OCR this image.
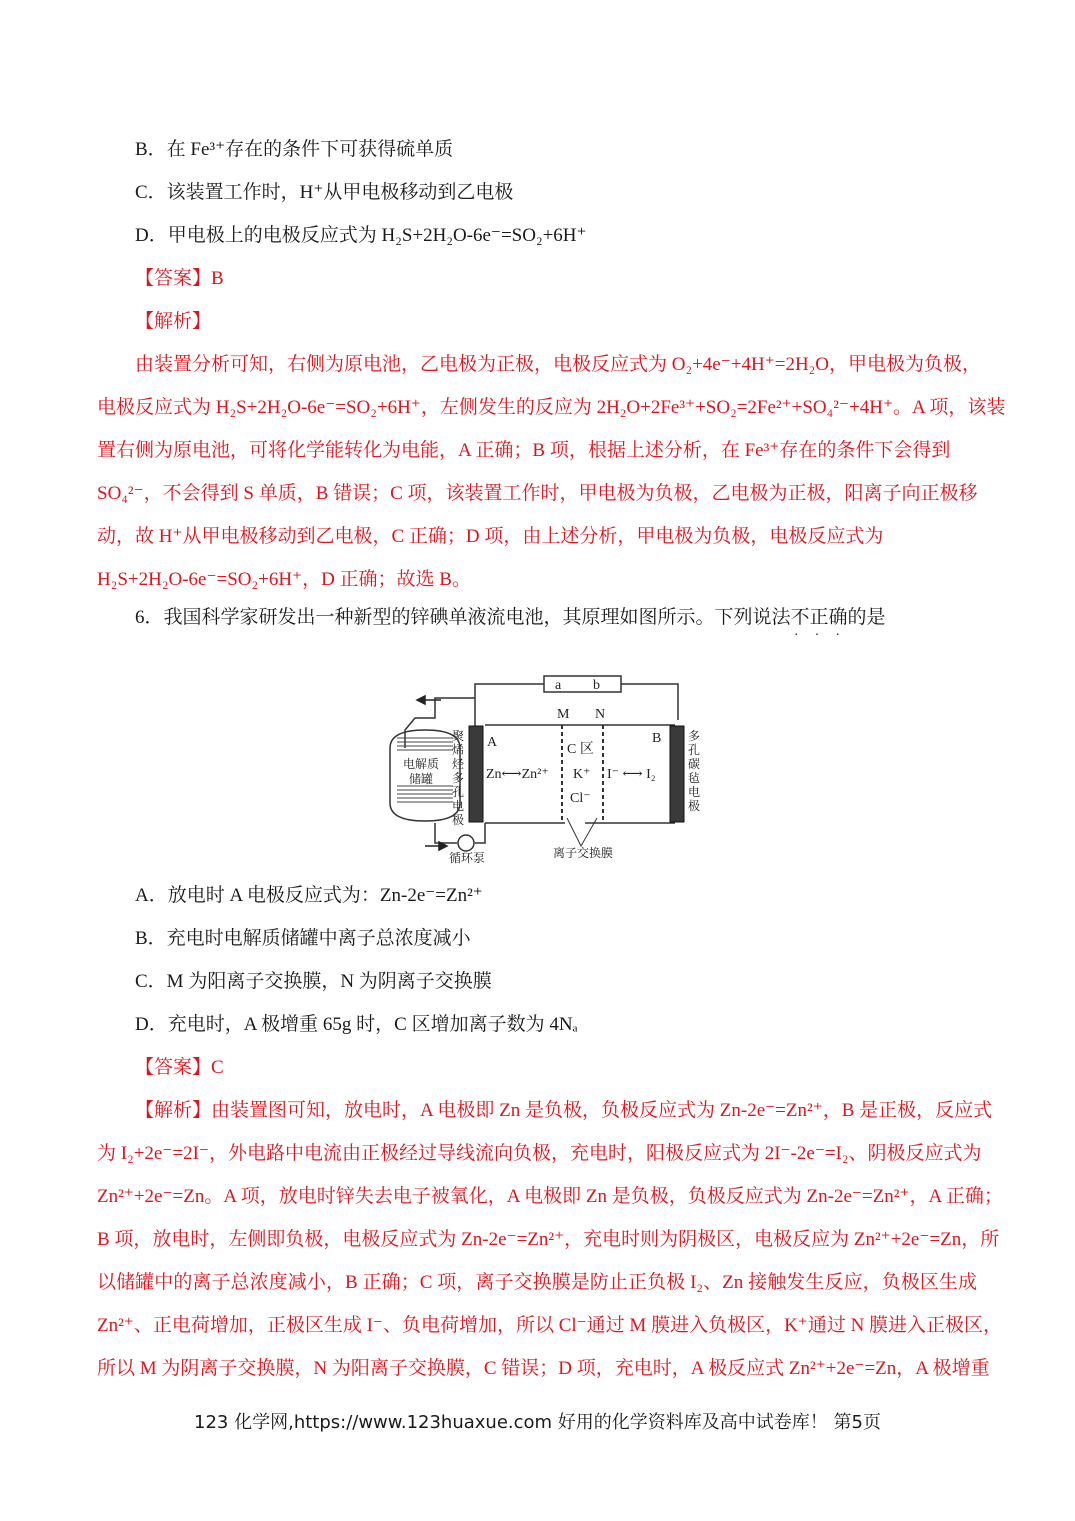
B．在 Fe³⁺存在的条件下可获得硫单质
C．该装置工作时，H⁺从甲电极移动到乙电极
D．甲电极上的电极反应式为 H₂S+2H₂O-6e⁻=SO₂+6H⁺
【答案】B
【解析】
由装置分析可知，右侧为原电池，乙电极为正极，电极反应式为 O₂+4e⁻+4H⁺=2H₂O，甲电极为负极，
电极反应式为 H₂S+2H₂O-6e⁻=SO₂+6H⁺，左侧发生的反应为 2H₂O+2Fe³⁺+SO₂=2Fe²⁺+SO₄²⁻+4H⁺。A 项，该装
置右侧为原电池，可将化学能转化为电能，A 正确；B 项，根据上述分析，在 Fe³⁺存在的条件下会得到
SO₄²⁻，不会得到 S 单质，B 错误；C 项，该装置工作时，甲电极为负极，乙电极为正极，阳离子向正极移
动，故 H⁺从甲电极移动到乙电极，C 正确；D 项，由上述分析，甲电极为负极，电极反应式为
H₂S+2H₂O-6e⁻=SO₂+6H⁺，D 正确；故选 B。
6．我国科学家研发出一种新型的锌碘单液流电池，其原理如图所示。下列说法不正确的是
···
a b
M N
A	B
C 区
K⁺
Cl⁻
Zn⟷Zn²⁺	I⁻ ⟷ I₂
电解质
储罐
循环泵	离子交换膜
聚
烯
烃
多
孔
电
极
多
孔
碳
毡
电
极
A．放电时 A 电极反应式为：Zn-2e⁻=Zn²⁺
B．充电时电解质储罐中离子总浓度减小
C．M 为阳离子交换膜，N 为阴离子交换膜
D．充电时，A 极增重 65g 时，C 区增加离子数为 4Nₐ
【答案】C
【解析】由装置图可知，放电时，A 电极即 Zn 是负极，负极反应式为 Zn-2e⁻=Zn²⁺，B 是正极，反应式
为 I₂+2e⁻=2I⁻，外电路中电流由正极经过导线流向负极，充电时，阳极反应式为 2I⁻-2e⁻=I₂、阴极反应式为
Zn²⁺+2e⁻=Zn。A 项，放电时锌失去电子被氧化，A 电极即 Zn 是负极，负极反应式为 Zn-2e⁻=Zn²⁺，A 正确；
B 项，放电时，左侧即负极，电极反应式为 Zn-2e⁻=Zn²⁺，充电时则为阴极区，电极反应为 Zn²⁺+2e⁻=Zn，所
以储罐中的离子总浓度减小，B 正确；C 项，离子交换膜是防止正负极 I₂、Zn 接触发生反应，负极区生成
Zn²⁺、正电荷增加，正极区生成 I⁻、负电荷增加，所以 Cl⁻通过 M 膜进入负极区，K⁺通过 N 膜进入正极区，
所以 M 为阴离子交换膜，N 为阳离子交换膜，C 错误；D 项，充电时，A 极反应式 Zn²⁺+2e⁻=Zn，A 极增重
123 化学网,https://www.123huaxue.com 好用的化学资料库及高中试卷库！ 第5页
